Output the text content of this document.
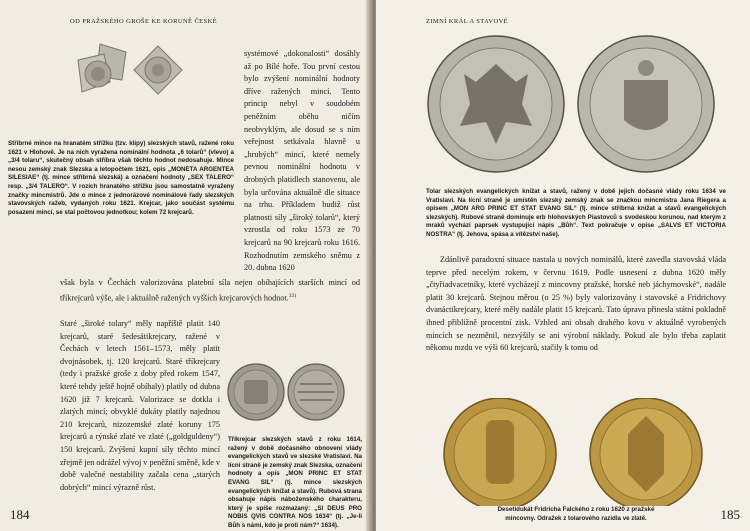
OD PRAŽSKÉHO GROŠE KE KORUNĚ ČESKÉ
Stříbrné mince na hranatém střížku (tzv. klipy) slezských stavů, ražené roku 1621 v Hlohově. Je na nich vyražena nominální hodnota „6 tolarů“ (vlevo) a „3/4 tolaru“, skutečný obsah stříbra však těchto hodnot nedosahuje. Mince nesou zemský znak Slezska a letopočtem 1621, opis „MONETA ARGENTEA SILESIAE“ (tj. mince stříbrná slezská) a označení hodnoty „SEX TALERO“ resp. „3/4 TALERO“. V rozích hranatého střížku jsou samostatně vyraženy značky mincmistrů. Jde o mince z jednorázové nominálové řady slezských stavovských ražeb, vydaných roku 1621. Krejcar, jako součást systému posazení mincí, se stal počtovou jednotkou; kolem 72 krejcarů.
systémové „dokonalosti“ dosáhly až po Bílé hoře. Tou první cestou bylo zvýšení nominální hodnoty dříve ražených mincí. Tento princip nebyl v soudobém peněžním oběhu ničím neobvyklým, ale dosud se s ním veřejnost setkávala hlavně u „hrubých“ mincí, které nemely pevnou nominální hodnotu v drobných platidlech stanovenu, ale byla určována aktuálně dle situace na trhu. Příkladem budiž růst platnosti síly „široký tolarů“, který vzrostla od roku 1573 ze 70 krejcarů na 90 krejcarů roku 1616. Rozhodnutím zemského sněmu z 20. dubna 1620
však byla v Čechách valorizována platební síla nejen obíhajících starších mincí od tříkrejcarů výše, ale i aktuálně ražených vyšších krejcarových hodnot.$^{33)}$
Staré „široké tolary“ měly napříště platit 140 krejcarů, staré šedesátikrejcary, ražené v Čechách v letech 1561–1573, měly platit dvojnásobek, tj. 120 krejcarů. Staré tříkrejcary (tedy i pražské groše z doby před rokem 1547, které tehdy ještě hojně obíhaly) platily od dubna 1620 již 7 krejcarů. Valorizace se dotkla i zlatých mincí; obvyklé dukáty platily najednou 210 krejcarů, nizozemské zlaté koruny 175 krejcarů a rýnské zlaté ve zlaté („goldguldeny“) 150 krejcarů. Zvýšení kupní síly těchto mincí zřejmě jen odrážel vývoj v peněžní směně, kde v době valečné nestability začala cena „starých dobrých“ mincí výrazně růst.
Tříkrejcar slezských stavů z roku 1614, ražený v době dočasného obnovení vlády evangelických stavů ve slezské Vratislavi. Na lícní straně je zemský znak Slezska, označení hodnoty a opis „MON PRINC ET STAT EVANG SIL“ (tj. mince slezských evangelických knížat a stavů). Rubová strana obsahuje nápis náboženského charakteru, který je spíše rozmazaný: „SI DEUS PRO NOBIS QVIS CONTRA NOS 1634“ (tj. „Je-li Bůh s námi, kdo je proti nám?“ 1634).
184
ZIMNÍ KRÁL A STAVOVÉ
Tolar slezských evangelických knížat a stavů, ražený v době jejich dočasné vlády roku 1634 ve Vratislavi. Na lícní straně je umístěn slezský zemský znak se značkou mincmistra Jana Riegera a opisem „MON ARG PRINC ET STAT EVANG SIL“ (tj. mince stříbrná knížat a stavů evangelických slezských). Rubové straně dominuje erb hlohovských Piastovců s svodeskou korunou, nad kterým z mraků vychází paprsek vystupující nápis „Bůh“. Text pokračuje v opise „SALVS ET VICTORIA NOSTRA“ (tj. Jehova, spása a vítězství naše).
Zdánlivě paradoxní situace nastala u nových nominálů, které zavedla stavovská vláda teprve před necelým rokem, v červnu 1619. Podle usnesení z dubna 1620 měly „čtyřiadvacetníky, které vycházejí z mincovny pražské, horské neb jáchymovské“, nadále platit 30 krejcarů. Stejnou měrou (o 25 %) byly valorizovány i stavovské a Fridrichovy dvanáctikrejcary, které měly nadále platit 15 krejcarů. Tato úprava přinesla státní pokladně ihned přibližně procentní zisk. Vzhled ani obsah drahého kovu v aktuálně vyrobených mincích se nezměnil, nezvýšily se ani výrobní náklady. Pokud ale bylo třeba zaplatit někomu mzdu ve výši 60 krejcarů, stačily k tomu od
Desetidukát Fridricha Falckého z roku 1620 z pražské mincovny. Odražek z tolarového razidla ve zlatě.	185
